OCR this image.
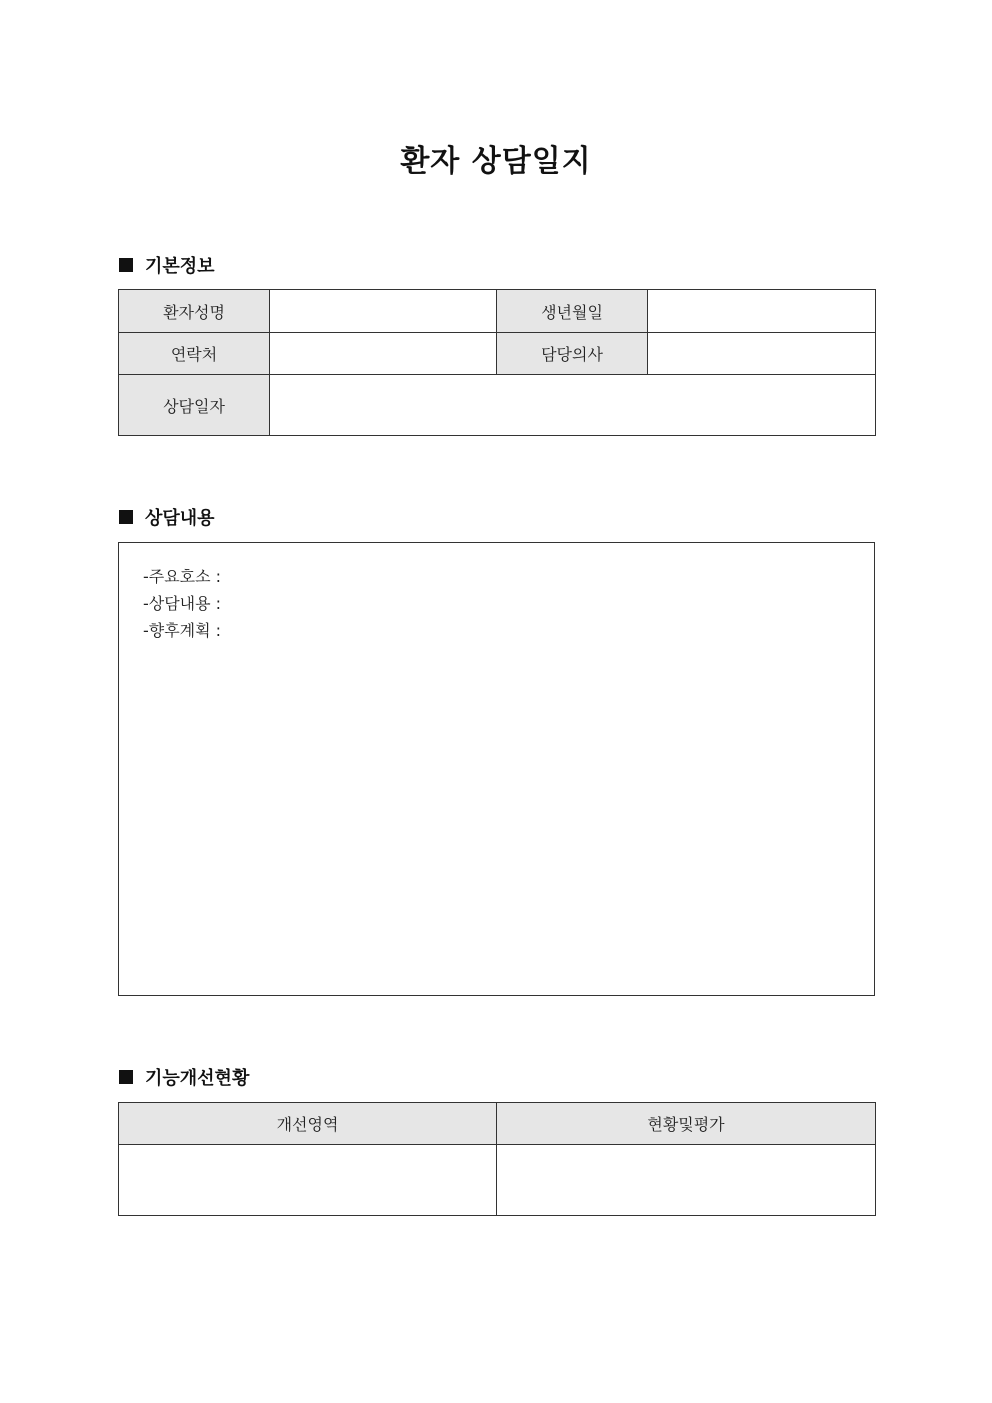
환자 상담일지
기본정보
환자성명		생년월일	
연락처		담당의사	
상담일자			
상담내용
-주요호소 :
-상담내용 :
-향후계획 :
기능개선현황
개선영역	현황및평가
